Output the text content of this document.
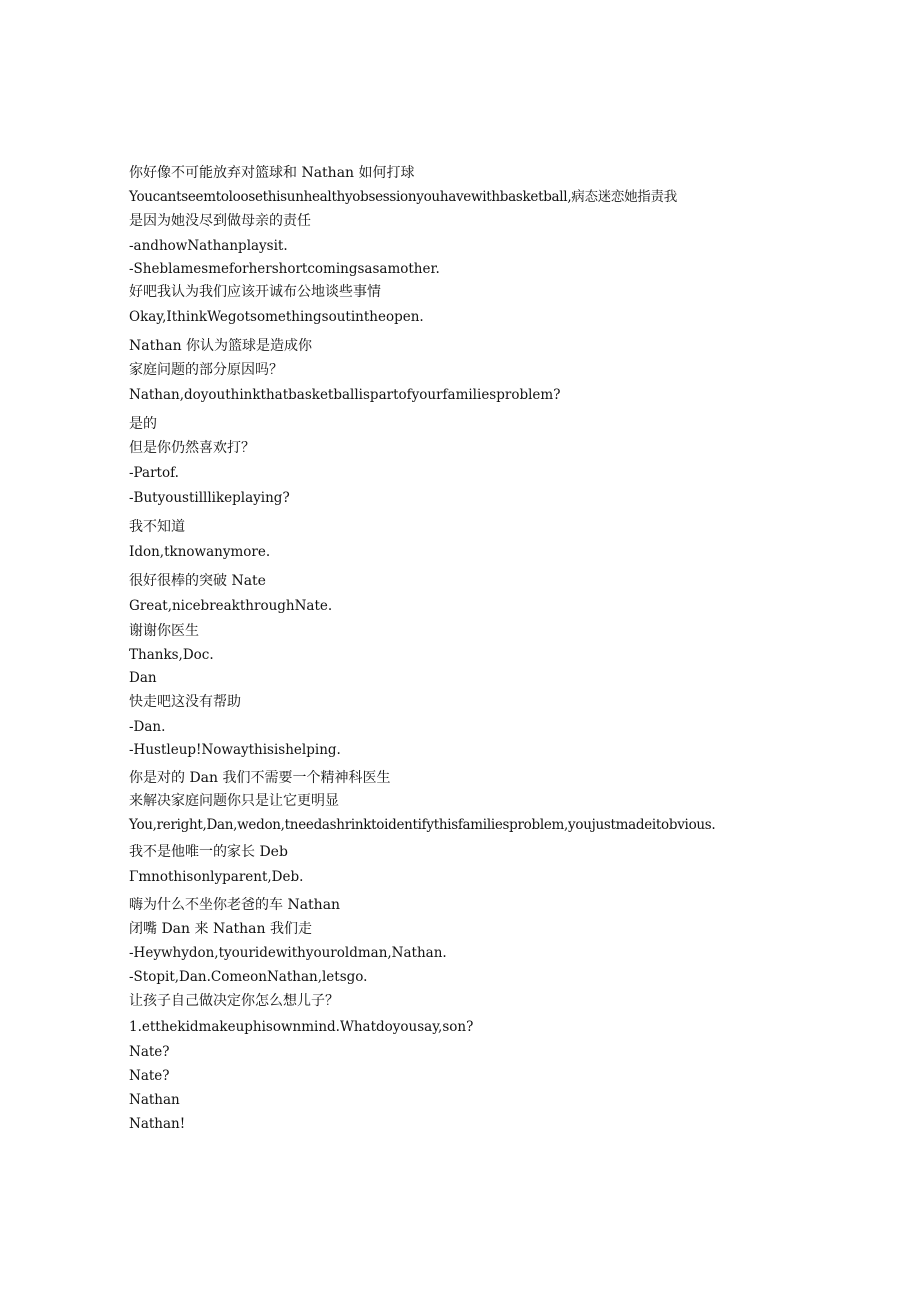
你好像不可能放弃对篮球和 Nathan 如何打球
Youcantseemtoloosethisunhealthyobsessionyouhavewithbasketball,病态迷恋她指责我
是因为她没尽到做母亲的责任
-andhowNathanplaysit.
-Sheblamesmeforhershortcomingsasamother.
好吧我认为我们应该开诚布公地谈些事情
Okay,IthinkWegotsomethingsoutintheopen.
Nathan 你认为篮球是造成你
家庭问题的部分原因吗？
Nathan,doyouthinkthatbasketballispartofyourfamiliesproblem?
是的
但是你仍然喜欢打？
-Partof.
-Butyoustilllikeplaying?
我不知道
Idon,tknowanymore.
很好很棒的突破 Nate
Great,nicebreakthroughNate.
谢谢你医生
Thanks,Doc.
Dan
快走吧这没有帮助
-Dan.
-Hustleup!Nowaythisishelping.
你是对的 Dan 我们不需要一个精神科医生
来解决家庭问题你只是让它更明显
You,reright,Dan,wedon,tneedashrinktoidentifythisfamiliesproblem,youjustmadeitobvious.
我不是他唯一的家长 Deb
Γmnothisonlyparent,Deb.
嗨为什么不坐你老爸的车 Nathan
闭嘴 Dan 来 Nathan 我们走
-Heywhydon,tyouridewithyouroldman,Nathan.
-Stopit,Dan.ComeonNathan,letsgo.
让孩子自己做决定你怎么想儿子？
1.etthekidmakeuphisownmind.Whatdoyousay,son?
Nate?
Nate?
Nathan
Nathan!
